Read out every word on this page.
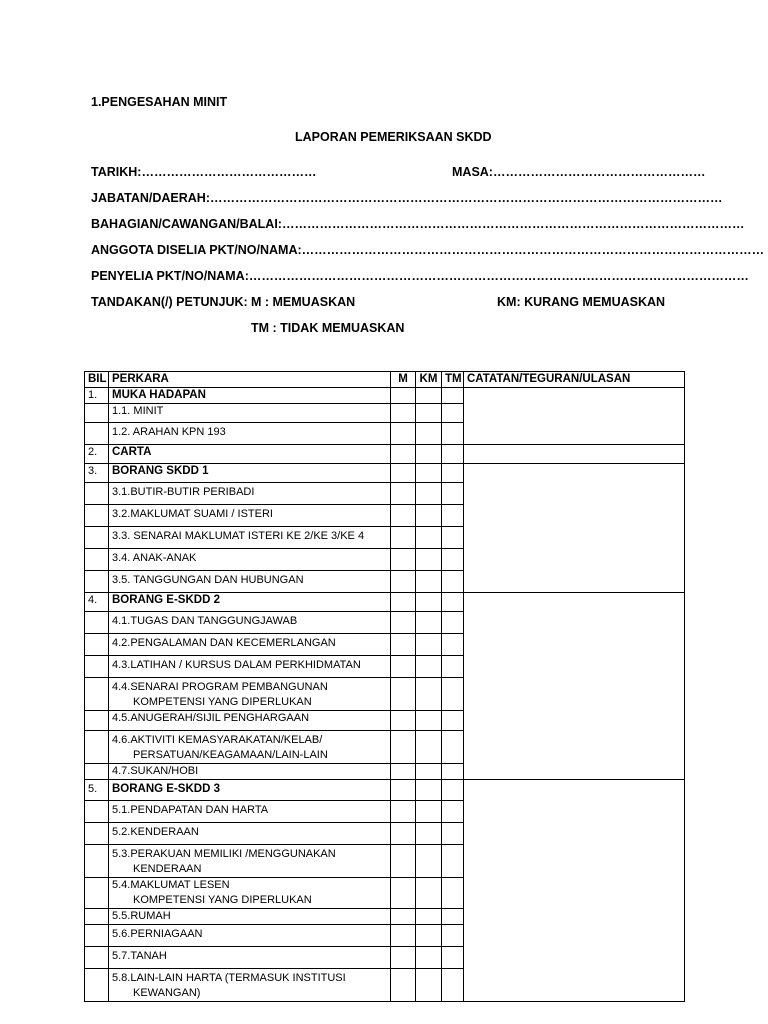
1.PENGESAHAN MINIT
LAPORAN PEMERIKSAAN SKDD
TARIKH:……………………………………	MASA:……………………………………………
JABATAN/DAERAH:……………………………………………………………………………………………………………
BAHAGIAN/CAWANGAN/BALAI:…………………………………………………………………………………………………
ANGGOTA DISELIA PKT/NO/NAMA:…………………………………………………………………………………………………
PENYELIA PKT/NO/NAMA:…………………………………………………………………………………………………………
TANDAKAN(/) PETUNJUK: M : MEMUASKAN	KM: KURANG MEMUASKAN
TM : TIDAK MEMUASKAN
BIL	PERKARA	M	KM	TM	CATATAN/TEGURAN/ULASAN
1.	MUKA HADAPAN				
	1.1. MINIT				
	1.2. ARAHAN KPN 193				
2.	CARTA				
3.	BORANG SKDD 1				
	3.1.BUTIR-BUTIR PERIBADI				
	3.2.MAKLUMAT SUAMI / ISTERI				
	3.3. SENARAI MAKLUMAT ISTERI KE 2/KE 3/KE 4				
	3.4. ANAK-ANAK				
	3.5. TANGGUNGAN DAN HUBUNGAN				
4.	BORANG E-SKDD 2				
	4.1.TUGAS DAN TANGGUNGJAWAB				
	4.2.PENGALAMAN DAN KECEMERLANGAN				
	4.3.LATIHAN / KURSUS DALAM PERKHIDMATAN				

	4.4.SENARAI PROGRAM PEMBANGUNAN
KOMPETENSI YANG DIPERLUKAN				

	4.5.ANUGERAH/SIJIL PENGHARGAAN				

	4.6.AKTIVITI KEMASYARAKATAN/KELAB/
PERSATUAN/KEAGAMAAN/LAIN-LAIN				

	4.7.SUKAN/HOBI				
5.	BORANG E-SKDD 3				
	5.1.PENDAPATAN DAN HARTA				
	5.2.KENDERAAN				

	5.3.PERAKUAN MEMILIKI /MENGGUNAKAN
KENDERAAN				

	5.4.MAKLUMAT LESEN
KOMPETENSI YANG DIPERLUKAN				

	5.5.RUMAH				
	5.6.PERNIAGAAN				
	5.7.TANAH				

	5.8.LAIN-LAIN HARTA (TERMASUK INSTITUSI
KEWANGAN)				
